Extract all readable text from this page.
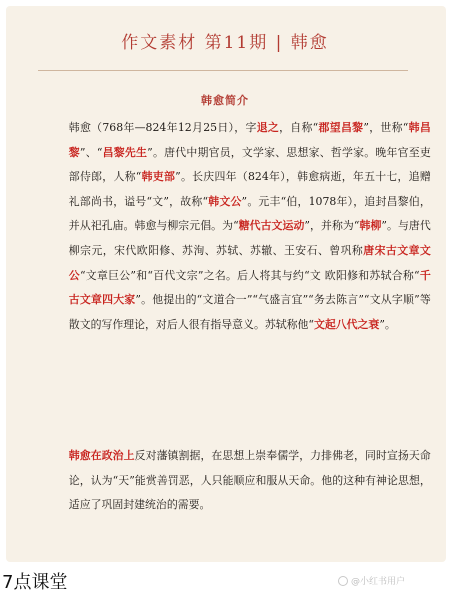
作文素材 第11期 | 韩愈
韩愈简介

韩愈（768年—824年12月25日），字退之，自称“郡望昌黎”，世称“韩昌黎”、“昌黎先生”。唐代中期官员，文学家、思想家、哲学家。晚年官至吏部侍郎，人称“韩吏部”。长庆四年（824年），韩愈病逝，年五十七，追赠礼部尚书，谥号“文”，故称“韩文公”。元丰“伯，1078年），追封昌黎伯，并从祀孔庙。韩愈与柳宗元倡。为“糖代古文运动”，并称为“韩柳”。与唐代柳宗元，宋代欧阳修、苏洵、苏轼、苏辙、王安石、曾巩称唐宋古文章文公“文章巨公”和“百代文宗”之名。后人将其与约“文 欧阳修和苏轼合称“千古文章四大家”。他提出的“文道合一”“气盛言宜”“务去陈言”“文从字顺”等散文的写作理论，对后人很有指导意义。苏轼称他“文起八代之衰”。

韩愈在政治上反对藩镇割据，在思想上崇奉儒学，力排佛老，同时宣扬天命论，认为“天”能赏善罚恶，人只能顺应和服从天命。他的这种有神论思想，适应了巩固封建统治的需要。

7点课堂	@小红书用户
